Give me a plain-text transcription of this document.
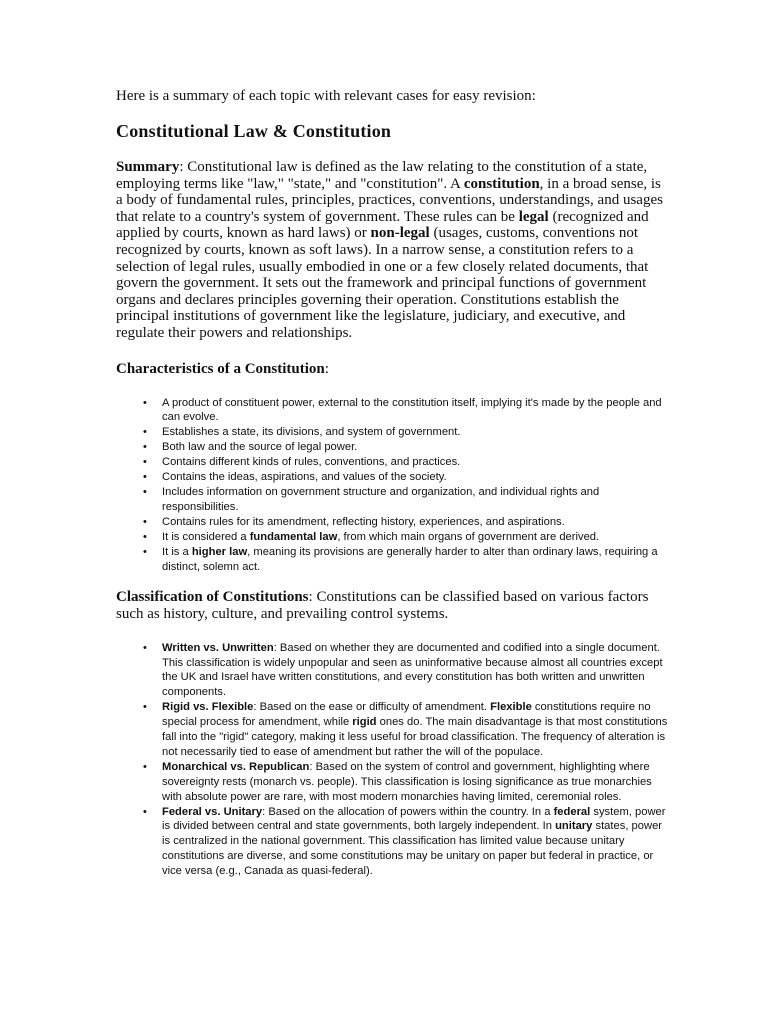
Here is a summary of each topic with relevant cases for easy revision:

Constitutional Law & Constitution

Summary: Constitutional law is defined as the law relating to the constitution of a state, employing terms like "law," "state," and "constitution". A constitution, in a broad sense, is a body of fundamental rules, principles, practices, conventions, understandings, and usages that relate to a country's system of government. These rules can be legal (recognized and applied by courts, known as hard laws) or non-legal (usages, customs, conventions not recognized by courts, known as soft laws). In a narrow sense, a constitution refers to a selection of legal rules, usually embodied in one or a few closely related documents, that govern the government. It sets out the framework and principal functions of government organs and declares principles governing their operation. Constitutions establish the principal institutions of government like the legislature, judiciary, and executive, and regulate their powers and relationships.

Characteristics of a Constitution:
• A product of constituent power, external to the constitution itself, implying it's made by the people and can evolve.
• Establishes a state, its divisions, and system of government.
• Both law and the source of legal power.
• Contains different kinds of rules, conventions, and practices.
• Contains the ideas, aspirations, and values of the society.
• Includes information on government structure and organization, and individual rights and responsibilities.
• Contains rules for its amendment, reflecting history, experiences, and aspirations.
• It is considered a fundamental law, from which main organs of government are derived.
• It is a higher law, meaning its provisions are generally harder to alter than ordinary laws, requiring a distinct, solemn act.

Classification of Constitutions: Constitutions can be classified based on various factors such as history, culture, and prevailing control systems.

• Written vs. Unwritten: Based on whether they are documented and codified into a single document. This classification is widely unpopular and seen as uninformative because almost all countries except the UK and Israel have written constitutions, and every constitution has both written and unwritten components.
• Rigid vs. Flexible: Based on the ease or difficulty of amendment. Flexible constitutions require no special process for amendment, while rigid ones do. The main disadvantage is that most constitutions fall into the "rigid" category, making it less useful for broad classification. The frequency of alteration is not necessarily tied to ease of amendment but rather the will of the populace.
• Monarchical vs. Republican: Based on the system of control and government, highlighting where sovereignty rests (monarch vs. people). This classification is losing significance as true monarchies with absolute power are rare, with most modern monarchies having limited, ceremonial roles.
• Federal vs. Unitary: Based on the allocation of powers within the country. In a federal system, power is divided between central and state governments, both largely independent. In unitary states, power is centralized in the national government. This classification has limited value because unitary constitutions are diverse, and some constitutions may be unitary on paper but federal in practice, or vice versa (e.g., Canada as quasi-federal).
